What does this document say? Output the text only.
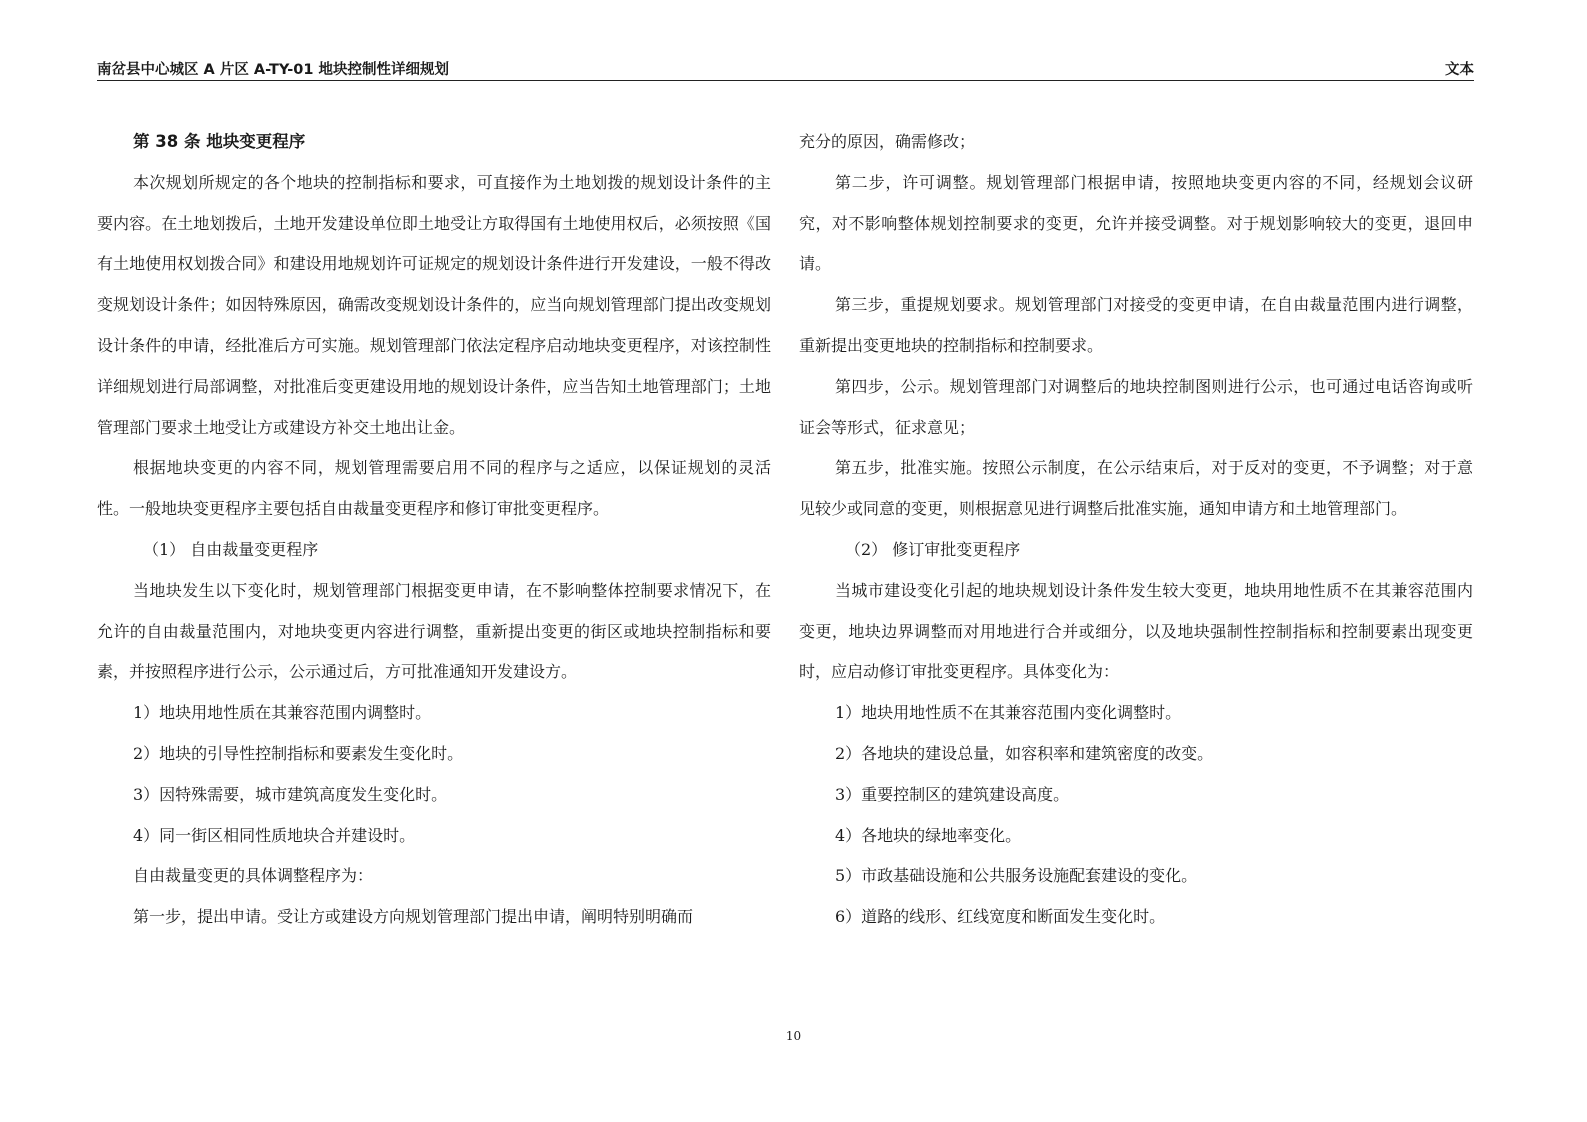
南岔县中心城区 A 片区 A-TY-01 地块控制性详细规划	文本

第 38 条 地块变更程序

本次规划所规定的各个地块的控制指标和要求，可直接作为土地划拨的规划设计条件的主要内容。在土地划拨后，土地开发建设单位即土地受让方取得国有土地使用权后，必须按照《国有土地使用权划拨合同》和建设用地规划许可证规定的规划设计条件进行开发建设，一般不得改变规划设计条件；如因特殊原因，确需改变规划设计条件的，应当向规划管理部门提出改变规划设计条件的申请，经批准后方可实施。规划管理部门依法定程序启动地块变更程序，对该控制性详细规划进行局部调整，对批准后变更建设用地的规划设计条件，应当告知土地管理部门；土地管理部门要求土地受让方或建设方补交土地出让金。

根据地块变更的内容不同，规划管理需要启用不同的程序与之适应，以保证规划的灵活性。一般地块变更程序主要包括自由裁量变更程序和修订审批变更程序。

（1） 自由裁量变更程序

当地块发生以下变化时，规划管理部门根据变更申请，在不影响整体控制要求情况下，在允许的自由裁量范围内，对地块变更内容进行调整，重新提出变更的街区或地块控制指标和要素，并按照程序进行公示，公示通过后，方可批准通知开发建设方。

1）地块用地性质在其兼容范围内调整时。

2）地块的引导性控制指标和要素发生变化时。

3）因特殊需要，城市建筑高度发生变化时。

4）同一街区相同性质地块合并建设时。

自由裁量变更的具体调整程序为：

第一步，提出申请。受让方或建设方向规划管理部门提出申请，阐明特别明确而

充分的原因，确需修改；

第二步，许可调整。规划管理部门根据申请，按照地块变更内容的不同，经规划会议研究，对不影响整体规划控制要求的变更，允许并接受调整。对于规划影响较大的变更，退回申请。

第三步，重提规划要求。规划管理部门对接受的变更申请，在自由裁量范围内进行调整，重新提出变更地块的控制指标和控制要求。

第四步，公示。规划管理部门对调整后的地块控制图则进行公示，也可通过电话咨询或听证会等形式，征求意见；

第五步，批准实施。按照公示制度，在公示结束后，对于反对的变更，不予调整；对于意见较少或同意的变更，则根据意见进行调整后批准实施，通知申请方和土地管理部门。

（2） 修订审批变更程序

当城市建设变化引起的地块规划设计条件发生较大变更，地块用地性质不在其兼容范围内变更，地块边界调整而对用地进行合并或细分，以及地块强制性控制指标和控制要素出现变更时，应启动修订审批变更程序。具体变化为：

1）地块用地性质不在其兼容范围内变化调整时。

2）各地块的建设总量，如容积率和建筑密度的改变。

3）重要控制区的建筑建设高度。

4）各地块的绿地率变化。

5）市政基础设施和公共服务设施配套建设的变化。

6）道路的线形、红线宽度和断面发生变化时。

10
